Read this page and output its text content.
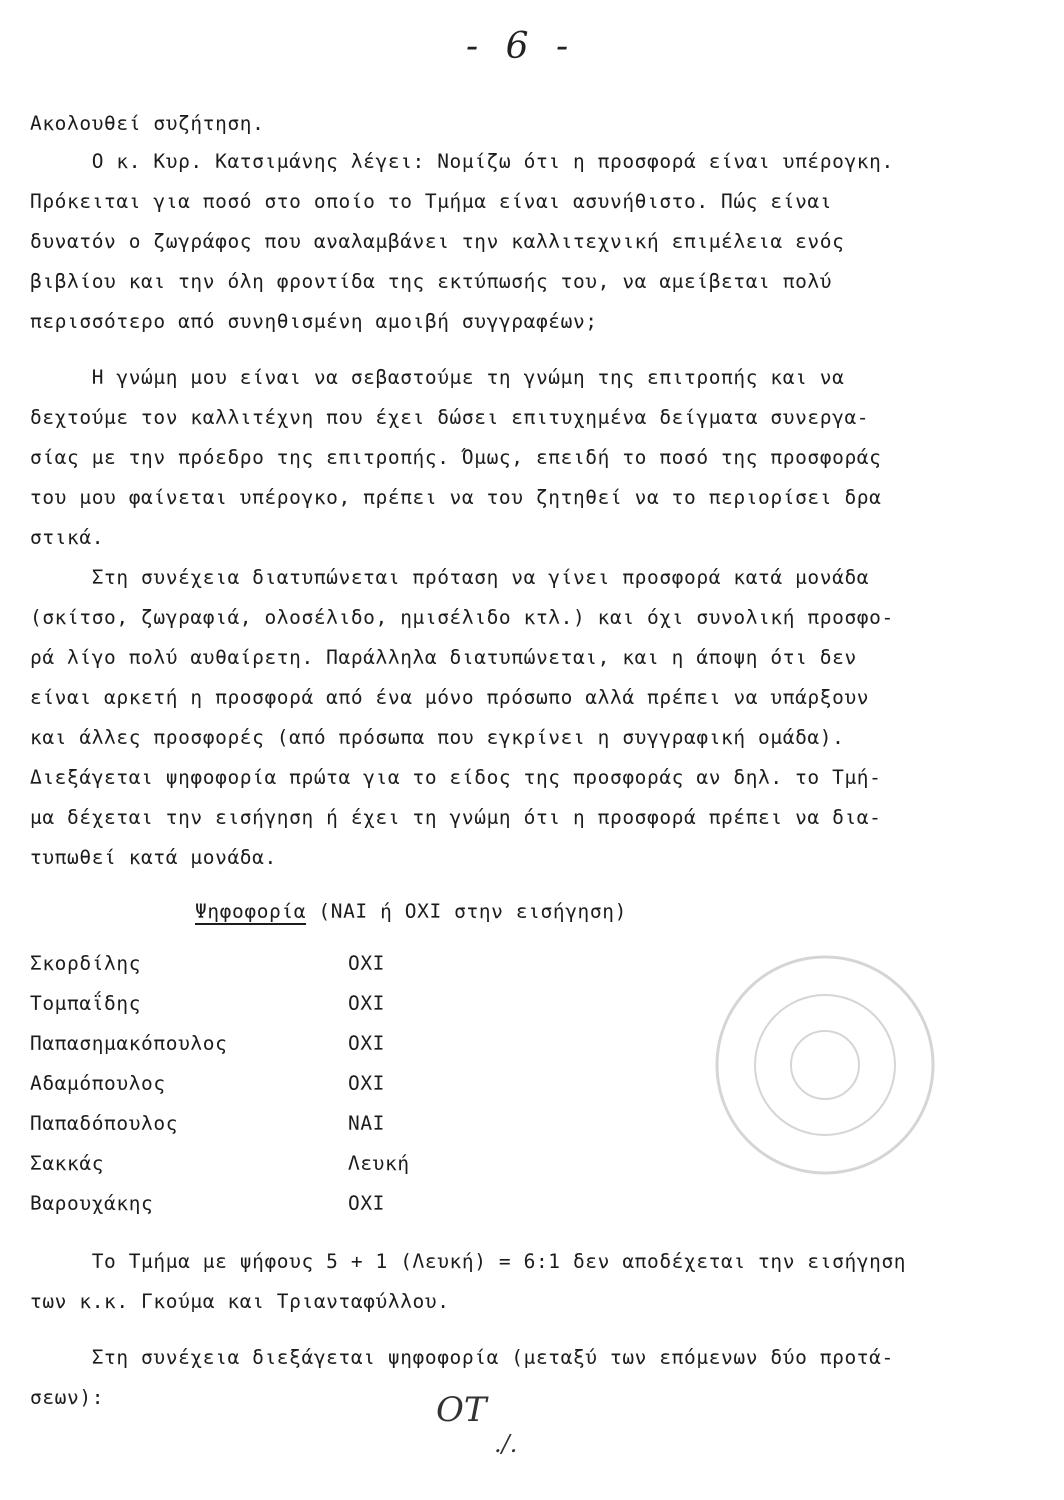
- 6 -
Ακολουθεί συζήτηση.
Ο κ. Κυρ. Κατσιμάνης λέγει: Νομίζω ότι η προσφορά είναι υπέρογκη.
Πρόκειται για ποσό στο οποίο το Τμήμα είναι ασυνήθιστο. Πώς είναι
δυνατόν ο ζωγράφος που αναλαμβάνει την καλλιτεχνική επιμέλεια ενός
βιβλίου και την όλη φροντίδα της εκτύπωσής του, να αμείβεται πολύ
περισσότερο από συνηθισμένη αμοιβή συγγραφέων;
Η γνώμη μου είναι να σεβαστούμε τη γνώμη της επιτροπής και να
δεχτούμε τον καλλιτέχνη που έχει δώσει επιτυχημένα δείγματα συνεργα-
σίας με την πρόεδρο της επιτροπής. Όμως, επειδή το ποσό της προσφοράς
του μου φαίνεται υπέρογκο, πρέπει να του ζητηθεί να το περιορίσει δρα
στικά.
Στη συνέχεια διατυπώνεται πρόταση να γίνει προσφορά κατά μονάδα
(σκίτσο, ζωγραφιά, ολοσέλιδο, ημισέλιδο κτλ.) και όχι συνολική προσφο-
ρά λίγο πολύ αυθαίρετη. Παράλληλα διατυπώνεται, και η άποψη ότι δεν
είναι αρκετή η προσφορά από ένα μόνο πρόσωπο αλλά πρέπει να υπάρξουν
και άλλες προσφορές (από πρόσωπα που εγκρίνει η συγγραφική ομάδα).
Διεξάγεται ψηφοφορία πρώτα για το είδος της προσφοράς αν δηλ. το Τμή-
μα δέχεται την εισήγηση ή έχει τη γνώμη ότι η προσφορά πρέπει να δια-
τυπωθεί κατά μονάδα.
Ψηφοφορία (ΝΑΙ ή ΟΧΙ στην εισήγηση)
Σκορδίλης	ΟΧΙ
Τομπαΐδης	ΟΧΙ
Παπασημακόπουλος	ΟΧΙ
Αδαμόπουλος	ΟΧΙ
Παπαδόπουλος	ΝΑΙ
Σακκάς	Λευκή
Βαρουχάκης	ΟΧΙ
Το Τμήμα με ψήφους 5 + 1 (Λευκή) = 6:1 δεν αποδέχεται την εισήγηση
των κ.κ. Γκούμα και Τριανταφύλλου.
Στη συνέχεια διεξάγεται ψηφοφορία (μεταξύ των επόμενων δύο προτά-
σεων):	ΟΤ
./.
